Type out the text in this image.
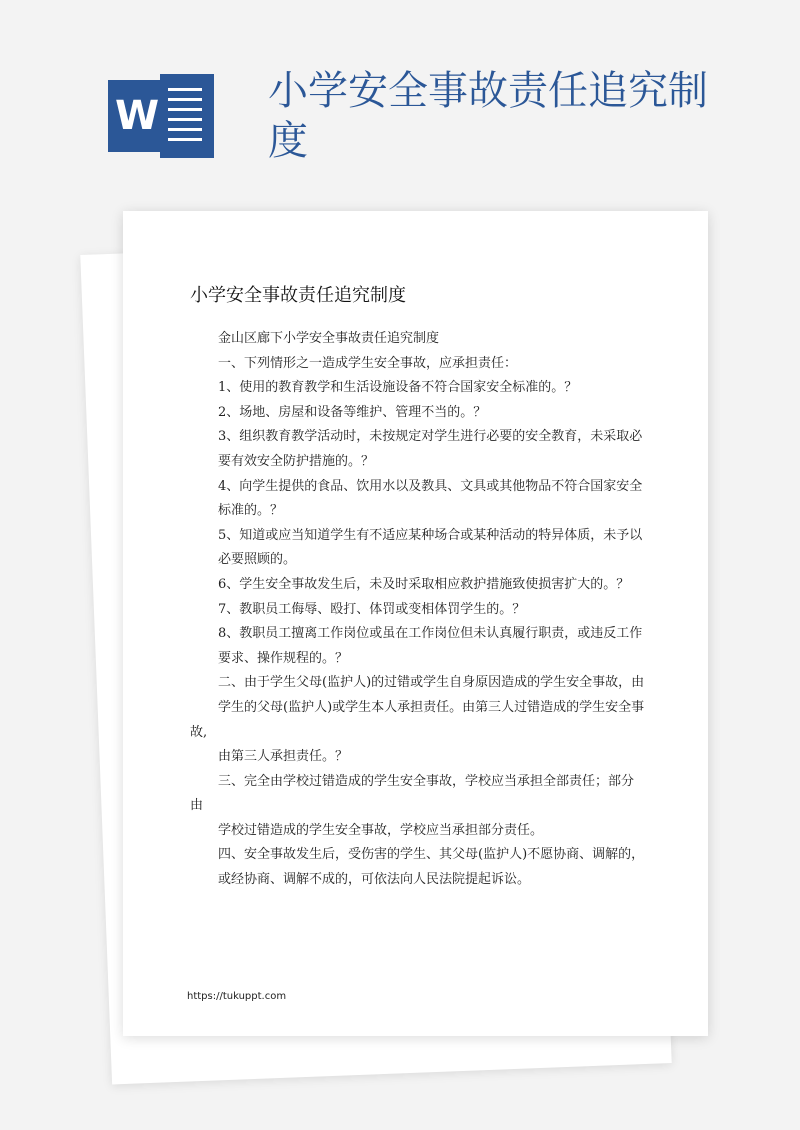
W
小学安全事故责任追究制度
小学安全事故责任追究制度
金山区廊下小学安全事故责任追究制度
一、下列情形之一造成学生安全事故，应承担责任：
1、使用的教育教学和生活设施设备不符合国家安全标准的。？
2、场地、房屋和设备等维护、管理不当的。？
3、组织教育教学活动时，未按规定对学生进行必要的安全教育，未采取必
要有效安全防护措施的。？
4、向学生提供的食品、饮用水以及教具、文具或其他物品不符合国家安全
标准的。？
5、知道或应当知道学生有不适应某种场合或某种活动的特异体质，未予以
必要照顾的。
6、学生安全事故发生后，未及时采取相应救护措施致使损害扩大的。？
7、教职员工侮辱、殴打、体罚或变相体罚学生的。？
8、教职员工擅离工作岗位或虽在工作岗位但未认真履行职责，或违反工作
要求、操作规程的。？
二、由于学生父母(监护人)的过错或学生自身原因造成的学生安全事故，由
学生的父母(监护人)或学生本人承担责任。由第三人过错造成的学生安全事
故,
由第三人承担责任。？
三、完全由学校过错造成的学生安全事故，学校应当承担全部责任；部分
由
学校过错造成的学生安全事故，学校应当承担部分责任。
四、安全事故发生后，受伤害的学生、其父母(监护人)不愿协商、调解的，
或经协商、调解不成的，可依法向人民法院提起诉讼。
https://tukuppt.com
